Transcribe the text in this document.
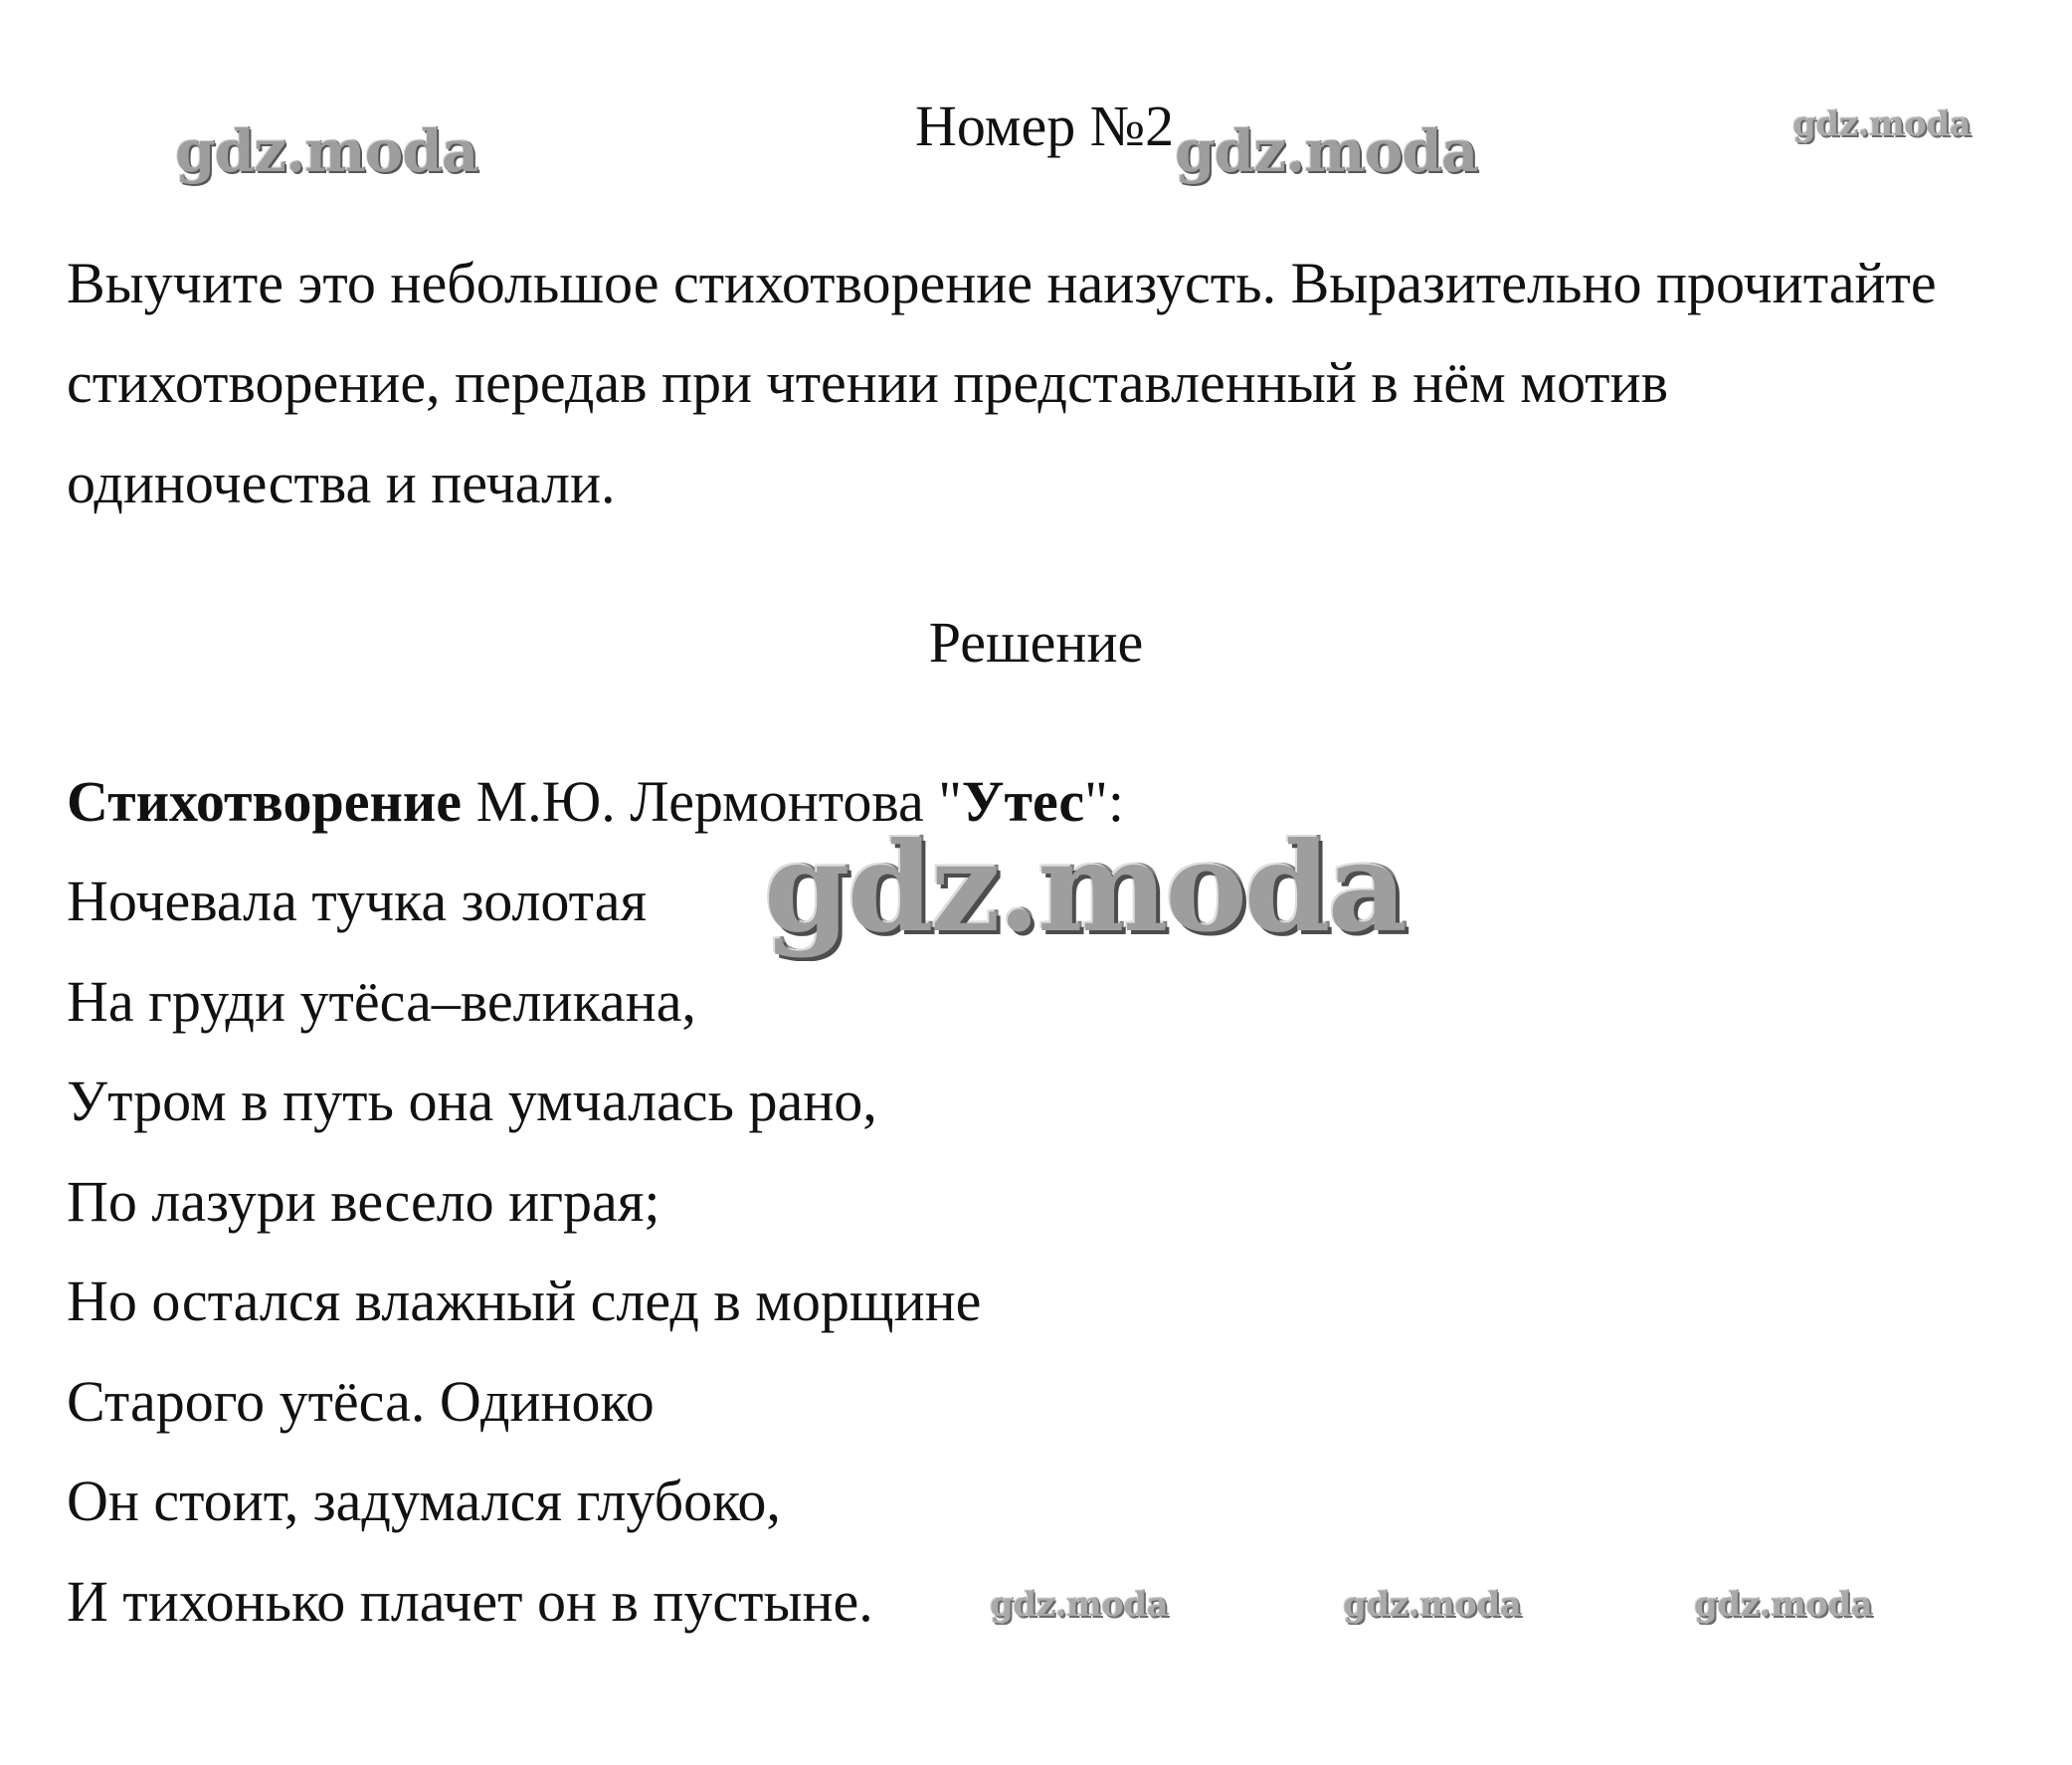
gdz.moda	gdz.moda	gdz.moda
gdz.moda
gdz.moda	gdz.moda	gdz.moda
Номер №2
Выучите это небольшое стихотворение наизусть. Выразительно прочитайте
стихотворение, передав при чтении представленный в нём мотив
одиночества и печали.
Решение
Стихотворение М.Ю. Лермонтова "Утес":
Ночевала тучка золотая
На груди утёса–великана,
Утром в путь она умчалась рано,
По лазури весело играя;
Но остался влажный след в морщине
Старого утёса. Одиноко
Он стоит, задумался глубоко,
И тихонько плачет он в пустыне.
